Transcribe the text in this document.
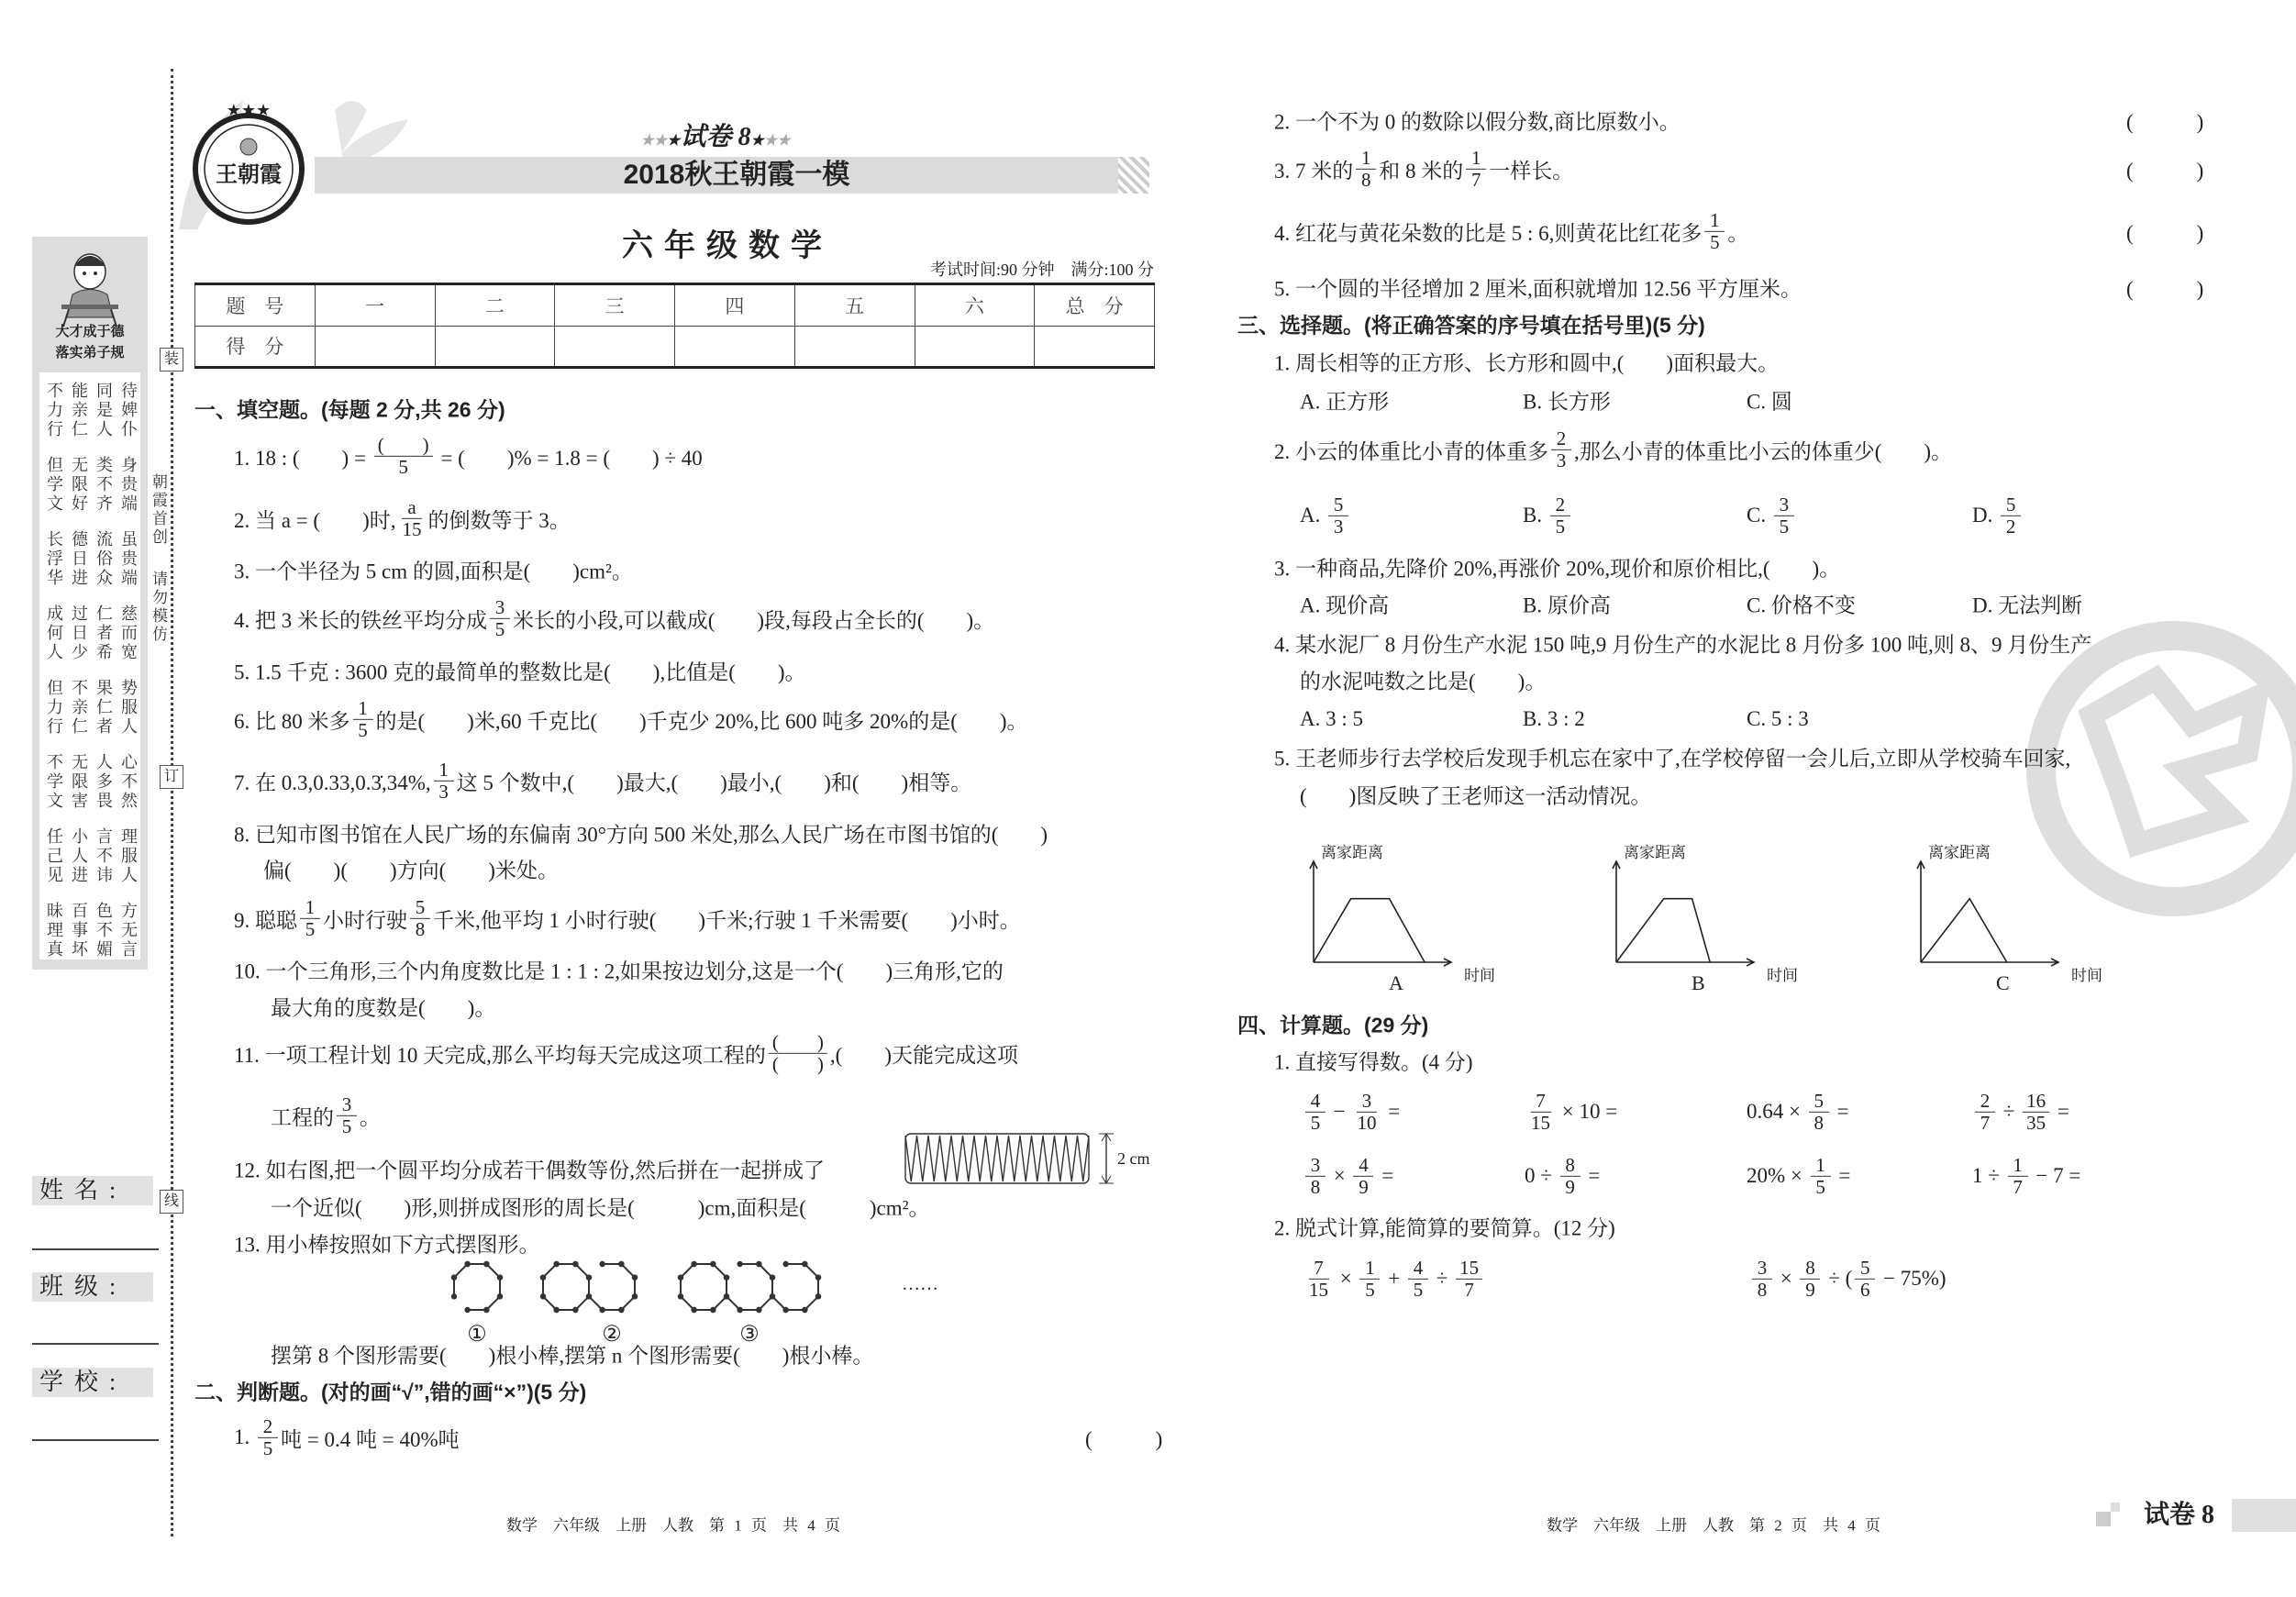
装
订
线
朝霞首创
请勿模仿
大才成于德
落实弟子规
不能同待
力亲是婢
行仁人仆
但无类身
学限不贵
文好齐端
长德流虽
浮日俗贵
华进众端
成过仁慈
何日者而
人少希宽
但不果势
力亲仁服
行仁者人
不无人心
学限多不
文害畏然
任小言理
己人不服
见进讳人
昧百色方
理事不无
真坏媚言
姓名:
班级:
学校:
★★★
王朝霞
★★★试卷 8★★★
2018秋王朝霞一模
六年级数学
考试时间:90 分钟　满分:100 分
题　号	一	二	三	四	五	六	总　分
得　分							
一、填空题。(每题 2 分,共 26 分)
1. 18 : (　　) =
(　　)
5 = (　　)% = 1.8 = (　　) ÷ 40
2. 当 a = (　　)时, $\frac{a}{15}$ 的倒数等于 3。
3. 一个半径为 5 cm 的圆,面积是(　　)cm²。
4. 把 3 米长的铁丝平均分成 $\frac{3}{5}$ 米长的小段,可以截成(　　)段,每段占全长的(　　)。
5. 1.5 千克 : 3600 克的最简单的整数比是(　　),比值是(　　)。
6. 比 80 米多 $\frac{1}{5}$ 的是(　　)米,60 千克比(　　)千克少 20%,比 600 吨多 20%的是(　　)。
7. 在 0.3,0.33,0.3̇,34%, $\frac{1}{3}$ 这 5 个数中,(　　)最大,(　　)最小,(　　)和(　　)相等。
8. 已知市图书馆在人民广场的东偏南 30°方向 500 米处,那么人民广场在市图书馆的(　　)
偏(　　)(　　)方向(　　)米处。
9. 聪聪 $\frac{1}{5}$ 小时行驶 $\frac{5}{8}$ 千米,他平均 1 小时行驶(　　)千米;行驶 1 千米需要(　　)小时。
10. 一个三角形,三个内角度数比是 1 : 1 : 2,如果按边划分,这是一个(　　)三角形,它的
最大角的度数是(　　)。
11. 一项工程计划 10 天完成,那么平均每天完成这项工程的
(　　)
(　　) ,(　　)天能完成这项
工程的 $\frac{3}{5}$ 。
12. 如右图,把一个圆平均分成若干偶数等份,然后拼在一起拼成了
一个近似(　　)形,则拼成图形的周长是(　　　)cm,面积是(　　　)cm²。
2 cm
13. 用小棒按照如下方式摆图形。
①	②	③
……
摆第 8 个图形需要(　　)根小棒,摆第 n 个图形需要(　　)根小棒。
二、判断题。(对的画“√”,错的画“×”)(5 分)
1. $\frac{2}{5}$ 吨 = 0.4 吨 = 40%吨	(　　　)
数学　六年级　上册　人教　第 1 页　共 4 页
2. 一个不为 0 的数除以假分数,商比原数小。	(　　　)
3. 7 米的 $\frac{1}{8}$ 和 8 米的 $\frac{1}{7}$ 一样长。	(　　　)
4. 红花与黄花朵数的比是 5 : 6,则黄花比红花多 $\frac{1}{5}$ 。	(　　　)
5. 一个圆的半径增加 2 厘米,面积就增加 12.56 平方厘米。	(　　　)
三、选择题。(将正确答案的序号填在括号里)(5 分)
1. 周长相等的正方形、长方形和圆中,(　　)面积最大。
A. 正方形	B. 长方形	C. 圆
2. 小云的体重比小青的体重多 $\frac{2}{3}$ ,那么小青的体重比小云的体重少(　　)。
A. $\frac{5}{3}$	B. $\frac{2}{5}$	C. $\frac{3}{5}$	D. $\frac{5}{2}$
3. 一种商品,先降价 20%,再涨价 20%,现价和原价相比,(　　)。
A. 现价高	B. 原价高	C. 价格不变	D. 无法判断
4. 某水泥厂 8 月份生产水泥 150 吨,9 月份生产的水泥比 8 月份多 100 吨,则 8、9 月份生产
的水泥吨数之比是(　　)。
A. 3 : 5	B. 3 : 2	C. 5 : 3
5. 王老师步行去学校后发现手机忘在家中了,在学校停留一会儿后,立即从学校骑车回家,
(　　)图反映了王老师这一活动情况。
离家距离
时间
A
离家距离
时间
B
离家距离
时间
C
四、计算题。(29 分)
1. 直接写得数。(4 分)
$\frac{4}{5} - \frac{3}{10}$ =	$\frac{7}{15} \times 10$ =	$0.64 \times \frac{5}{8}$ =	$\frac{2}{7} \div \frac{16}{35}$ =
$\frac{3}{8} \times \frac{4}{9}$ =	$0 \div \frac{8}{9}$ =	$20\% \times \frac{1}{5}$ =	$1 \div \frac{1}{7} - 7$ =
2. 脱式计算,能简算的要简算。(12 分)
$\frac{7}{15} \times \frac{1}{5} + \frac{4}{5} \div \frac{15}{7}$	$\frac{3}{8} \times \frac{8}{9}$ ÷ ( $\frac{5}{6} - 75\%$)
数学　六年级　上册　人教　第 2 页　共 4 页	试卷 8
